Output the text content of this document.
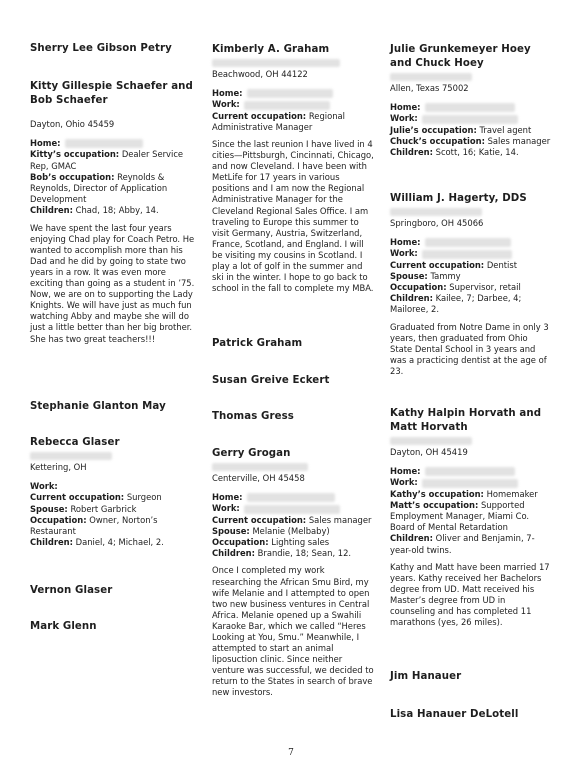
Sherry Lee Gibson Petry
Kitty Gillespie Schaefer and Bob Schaefer
Dayton, Ohio 45459
Home:
Kitty’s occupation: Dealer Service Rep, GMAC
Bob’s occupation: Reynolds & Reynolds, Director of Application Development
Children: Chad, 18; Abby, 14.
We have spent the last four years enjoying Chad play for Coach Petro. He wanted to accomplish more than his Dad and he did by going to state two years in a row. It was even more exciting than going as a student in ’75. Now, we are on to supporting the Lady Knights. We will have just as much fun watching Abby and maybe she will do just a little better than her big brother. She has two great teachers!!!
Stephanie Glanton May
Rebecca Glaser
Kettering, OH
Work:
Current occupation: Surgeon
Spouse: Robert Garbrick
Occupation: Owner, Norton’s Restaurant
Children: Daniel, 4; Michael, 2.
Vernon Glaser
Mark Glenn
Kimberly A. Graham
Beachwood, OH 44122
Home:
Work:
Current occupation: Regional Administrative Manager
Since the last reunion I have lived in 4 cities—Pittsburgh, Cincinnati, Chicago, and now Cleveland. I have been with MetLife for 17 years in various positions and I am now the Regional Administrative Manager for the Cleveland Regional Sales Office. I am traveling to Europe this summer to visit Germany, Austria, Switzerland, France, Scotland, and England. I will be visiting my cousins in Scotland. I play a lot of golf in the summer and ski in the winter. I hope to go back to school in the fall to complete my MBA.
Patrick Graham
Susan Greive Eckert
Thomas Gress
Gerry Grogan
Centerville, OH 45458
Home:
Work:
Current occupation: Sales manager
Spouse: Melanie (Melbaby)
Occupation: Lighting sales
Children: Brandie, 18; Sean, 12.
Once I completed my work researching the African Smu Bird, my wife Melanie and I attempted to open two new business ventures in Central Africa. Melanie opened up a Swahili Karaoke Bar, which we called “Heres Looking at You, Smu.” Meanwhile, I attempted to start an animal liposuction clinic. Since neither venture was successful, we decided to return to the States in search of brave new investors.
Julie Grunkemeyer Hoey and Chuck Hoey
Allen, Texas 75002
Home:
Work:
Julie’s occupation: Travel agent
Chuck’s occupation: Sales manager
Children: Scott, 16; Katie, 14.
William J. Hagerty, DDS
Springboro, OH 45066
Home:
Work:
Current occupation: Dentist
Spouse: Tammy
Occupation: Supervisor, retail
Children: Kailee, 7; Darbee, 4; Mailoree, 2.
Graduated from Notre Dame in only 3 years, then graduated from Ohio State Dental School in 3 years and was a practicing dentist at the age of 23.
Kathy Halpin Horvath and Matt Horvath
Dayton, OH 45419
Home:
Work:
Kathy’s occupation: Homemaker
Matt’s occupation: Supported Employment Manager, Miami Co. Board of Mental Retardation
Children: Oliver and Benjamin, 7-year-old twins.
Kathy and Matt have been married 17 years. Kathy received her Bachelors degree from UD. Matt received his Master’s degree from UD in counseling and has completed 11 marathons (yes, 26 miles).
Jim Hanauer
Lisa Hanauer DeLotell
7
